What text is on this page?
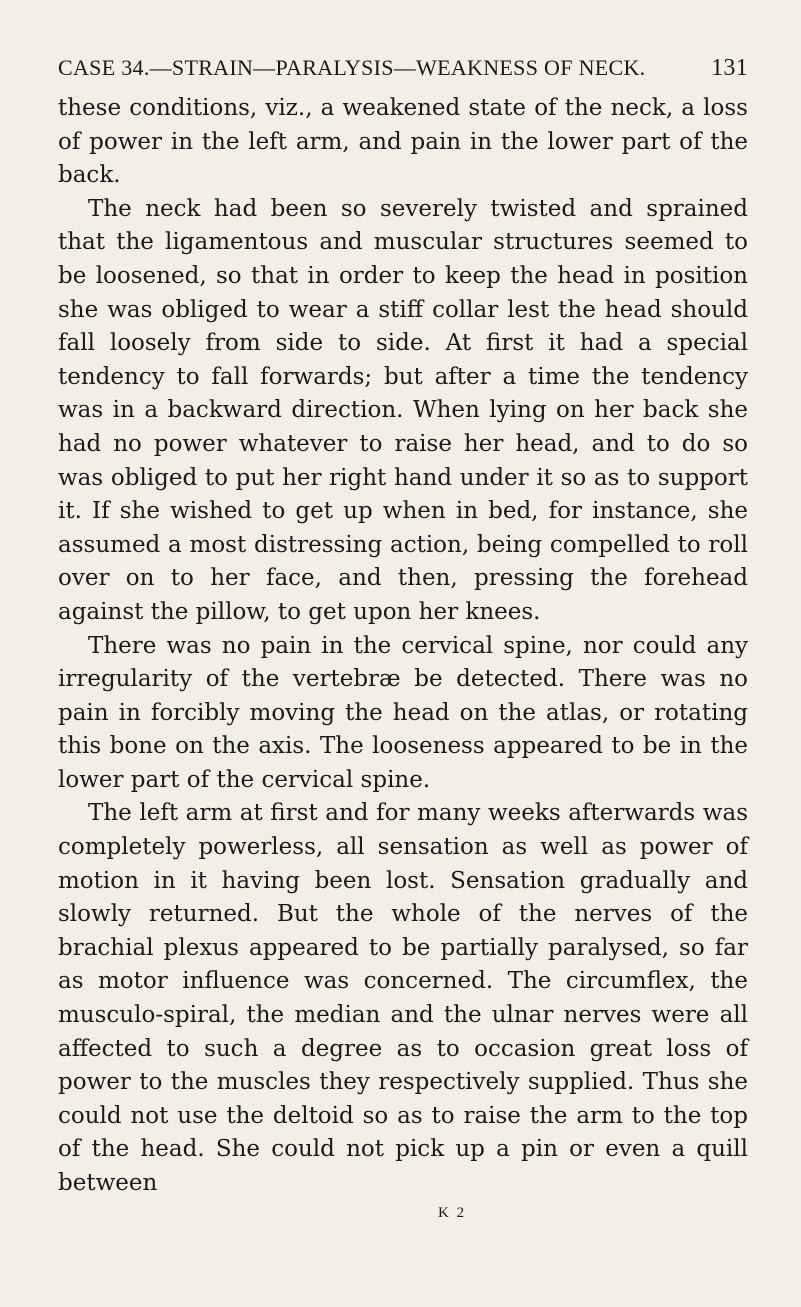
CASE 34.—STRAIN—PARALYSIS—WEAKNESS OF NECK.	131

these conditions, viz., a weakened state of the neck, a loss of power in the left arm, and pain in the lower part of the back.

The neck had been so severely twisted and sprained that the ligamentous and muscular structures seemed to be loosened, so that in order to keep the head in position she was obliged to wear a stiff collar lest the head should fall loosely from side to side. At first it had a special tendency to fall forwards; but after a time the tendency was in a backward direction. When lying on her back she had no power whatever to raise her head, and to do so was obliged to put her right hand under it so as to support it. If she wished to get up when in bed, for instance, she assumed a most distressing action, being compelled to roll over on to her face, and then, pressing the forehead against the pillow, to get upon her knees.

There was no pain in the cervical spine, nor could any irregularity of the vertebræ be detected. There was no pain in forcibly moving the head on the atlas, or rotating this bone on the axis. The looseness appeared to be in the lower part of the cervical spine.

The left arm at first and for many weeks afterwards was completely powerless, all sensation as well as power of motion in it having been lost. Sensation gradually and slowly returned. But the whole of the nerves of the brachial plexus appeared to be partially paralysed, so far as motor influence was concerned. The circumflex, the musculo-spiral, the median and the ulnar nerves were all affected to such a degree as to occasion great loss of power to the muscles they respectively supplied. Thus she could not use the deltoid so as to raise the arm to the top of the head. She could not pick up a pin or even a quill between

K 2
